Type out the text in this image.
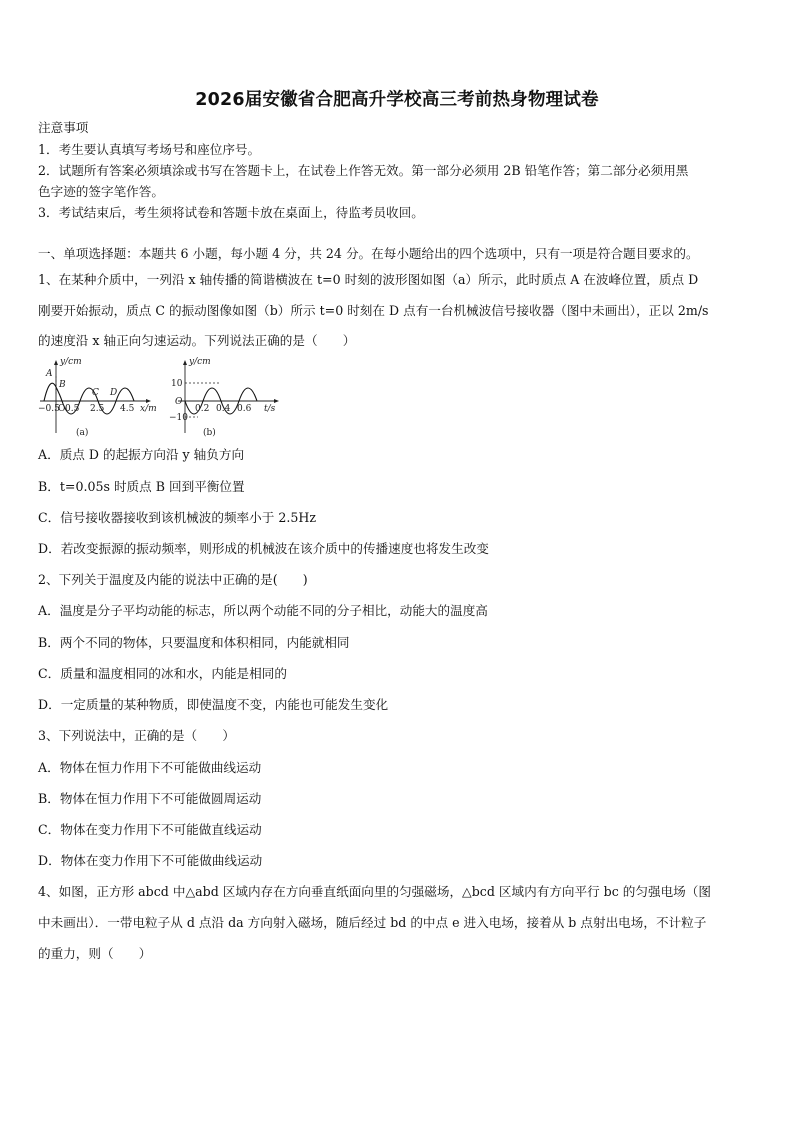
2026届安徽省合肥高升学校高三考前热身物理试卷
注意事项
1．考生要认真填写考场号和座位序号。
2．试题所有答案必须填涂或书写在答题卡上，在试卷上作答无效。第一部分必须用 2B 铅笔作答；第二部分必须用黑
色字迹的签字笔作答。
3．考试结束后，考生须将试卷和答题卡放在桌面上，待监考员收回。
一、单项选择题：本题共 6 小题，每小题 4 分，共 24 分。在每小题给出的四个选项中，只有一项是符合题目要求的。
1、在某种介质中，一列沿 x 轴传播的简谐横波在 t=0 时刻的波形图如图（a）所示，此时质点 A 在波峰位置，质点 D
刚要开始振动，质点 C 的振动图像如图（b）所示 t=0 时刻在 D 点有一台机械波信号接收器（图中未画出），正以 2m/s
的速度沿 x 轴正向匀速运动。下列说法正确的是（　　）
y/cm
x/m
A
B
C D
O
−0.5 0.5 2.5 4.5
(a)
y/cm
t/s
10
O
−10
0.2 0.4 0.6
(b)
A．质点 D 的起振方向沿 y 轴负方向
B．t=0.05s 时质点 B 回到平衡位置
C．信号接收器接收到该机械波的频率小于 2.5Hz
D．若改变振源的振动频率，则形成的机械波在该介质中的传播速度也将发生改变
2、下列关于温度及内能的说法中正确的是(　　)
A．温度是分子平均动能的标志，所以两个动能不同的分子相比，动能大的温度高
B．两个不同的物体，只要温度和体积相同，内能就相同
C．质量和温度相同的冰和水，内能是相同的
D．一定质量的某种物质，即使温度不变，内能也可能发生变化
3、下列说法中，正确的是（　　）
A．物体在恒力作用下不可能做曲线运动
B．物体在恒力作用下不可能做圆周运动
C．物体在变力作用下不可能做直线运动
D．物体在变力作用下不可能做曲线运动
4、如图，正方形 abcd 中△abd 区域内存在方向垂直纸面向里的匀强磁场，△bcd 区域内有方向平行 bc 的匀强电场（图
中未画出）．一带电粒子从 d 点沿 da 方向射入磁场，随后经过 bd 的中点 e 进入电场，接着从 b 点射出电场，不计粒子
的重力，则（　　）
